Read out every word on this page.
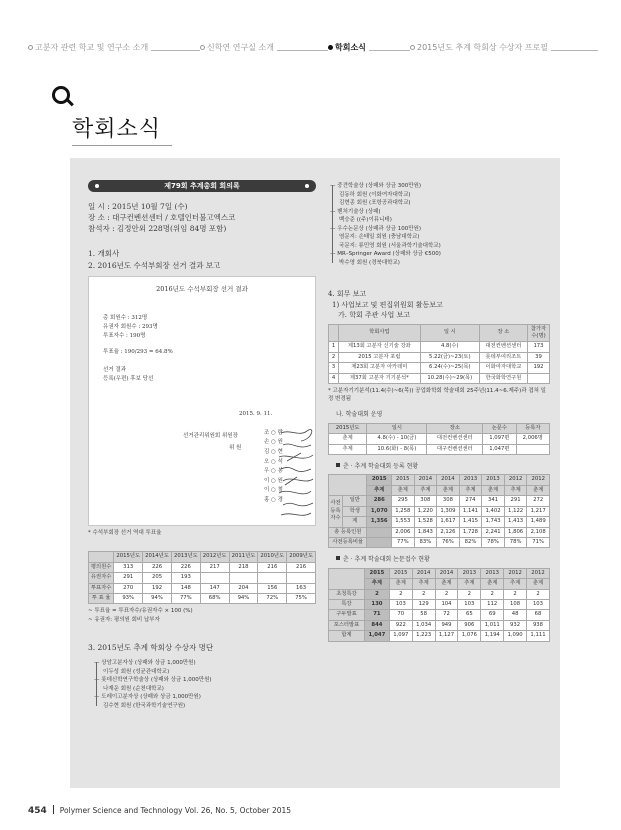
고분자 관련 학교 및 연구소 소개	신학연 연구실 소개	학회소식	2015년도 추계 학회상 수상자 프로필
학회소식
제79회 추계총회 회의록
일 시 : 2015년 10월 7일 (수)
장 소 : 대구컨벤션센터 / 호텔인터불고엑스코
참석자 : 김정안외 228명(위임 84명 포함)
1. 개회사
2. 2016년도 수석부회장 선거 결과 보고
2016년도 수석부회장 선거 결과
총 회원수 : 312명
유권자 회원수 : 293명
투표자수 : 190명
투표율 : 190/293 = 64.8%
선거 결과
등록(우편) 후보 당선
2015. 9. 11.
선거관리위원회 위원장
위 원
조 ○ 람
손 ○ 원
김 ○ 현
오 ○ 석
우 ○ 봉
이 ○ 원
이 ○ 철
홍 ○ 경
* 수석부회장 선거 역대 투표율
	2015년도	2014년도	2013년도	2012년도	2011년도	2010년도	2009년도
평의원수	313	226	226	217	218	216	216
유권자수	291	205	193				
투표자수	270	192	148	147	204	156	163
투 표 율	93%	94%	77%	68%	94%	72%	75%
~ 투표율 = 투표자수/유권자수 × 100 (%)
~ 유권자: 평의원 회비 납부자
3. 2015년도 추계 학회상 수상자 명단
— 상암고분자상 (상패와 상금 1,000만원)
이두성 회원 (성균관대학교)
— 롯데신학연구학술상 (상패와 상금 1,000만원)
나재운 회원 (순천대학교)
— 도레이고분자상 (상패와 상금 1,000만원)
김수현 회원 (한국과학기술연구원)
— 중견학술상 (상패와 상금 300만원)
김동하 회원 (이화여자대학교)
김현종 회원 (포항공과대학교)
— 벤처기술상 (상패)
백승준 ((주)이뮤니테)
— 우수논문상 (상패과 상금 100만원)
염문지: 손태일 회원 (충남대학교)
국문지: 류민영 회원 (서울과학기술대학교)
— MR–Springer Award (상패와 상금 €500)
박수영 회원 (경북대학교)
4. 회무 보고
1) 사업보고 및 편집위원회 활동보고
가. 학회 주관 사업 보고
	학회사업	일 시	장 소	참가자수(명)
1	제13회 고분자 신기술 강좌	4.8(수)	대전컨벤션센터	173
2	2015 고분자 포럼	5.22(금)~23(토)	롯데부여리조트	39
3	제23회 고분자 아카데미	6.24(수)~25(목)	이화여자대학교	192
4	제37회 고분자 기기분석*	10.28(수)~29(목)	한국화학연구원	
* 고분자기기분석(11.4(수)~6(목)) 공업화학회 학술대회 25주년(11.4~6.제주)과 겹쳐 일정 변경됨
나. 학술대회 운영
2015년도	일시	장소	논문수	등록자
춘계	4.8(수) - 10(금)	대전컨벤션센터	1,097편	2,006명
추계	10.6(화) - 8(목)	대구컨벤션센터	1,047편	
춘 · 추계 학술대회 등록 현황
		2015	2015	2014	2014	2013	2013	2012	2012
		추계	춘계	추계	춘계	추계	춘계	추계	춘계
사전 등록 자수	일반	286	295	308	308	274	341	291	272
	학생	1,070	1,258	1,220	1,309	1,141	1,402	1,122	1,217
	계	1,356	1,553	1,528	1,617	1,415	1,743	1,413	1,489
총 등록인원			2,006	1,843	2,126	1,728	2,241	1,806	2,108
사전등록비율			77%	83%	76%	82%	78%	78%	71%
춘 · 추계 학술대회 논문접수 현황
	2015	2015	2014	2014	2013	2013	2012	2012
	추계	춘계	추계	춘계	추계	춘계	추계	춘계
초청특강	2	2	2	2	2	2	2	2
특강	130	103	129	104	103	112	108	103
구두발표	71	70	58	72	65	69	48	68
포스터발표	844	922	1,034	949	906	1,011	932	938
합계	1,047	1,097	1,223	1,127	1,076	1,194	1,090	1,111
454 Polymer Science and Technology Vol. 26, No. 5, October 2015
